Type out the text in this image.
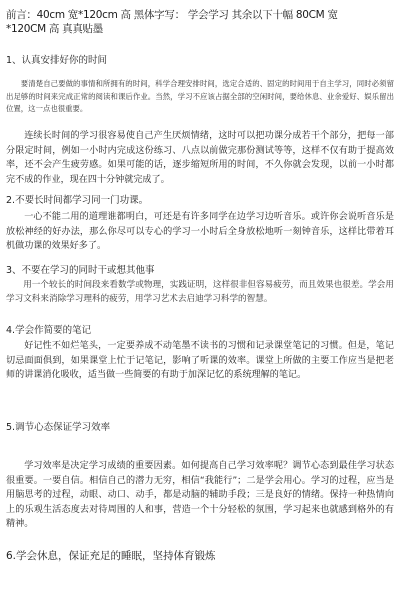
前言：40cm 宽*120cm 高 黑体字写： 学会学习 其余以下十幅 80CM 宽
*120CM 高 真真贴墨
1、认真安排好你的时间
要清楚自己要做的事情和所拥有的时间，科学合理安排时间，选定合适的、固定的时间用于自主学习，同时必须留出足够的时间来完成正常的阅读和课后作业。当然，学习不应该占据全部的空闲时间，要给休息、业余爱好、娱乐留出位置，这一点也很重要。
连续长时间的学习很容易使自己产生厌烦情绪，这时可以把功课分成若干个部分，把每一部分限定时间，例如一小时内完成这份练习、八点以前做完那份测试等等，这样不仅有助于提高效率，还不会产生疲劳感。如果可能的话，逐步缩短所用的时间，不久你就会发现，以前一小时都完不成的作业，现在四十分钟就完成了。
2.不要长时间都学习同一门功课。
一心不能二用的道理谁都明白，可还是有许多同学在边学习边听音乐。或许你会说听音乐是放松神经的好办法，那么你尽可以专心的学习一小时后全身放松地听一刻钟音乐，这样比带着耳机做功课的效果好多了。
3、不要在学习的同时干或想其他事
用一个较长的时间段来看数学或物理，实践证明，这样很非但容易疲劳，而且效果也很差。学会用学习文科来消除学习理科的疲劳，用学习艺术去启迪学习科学的智慧。
4.学会作简要的笔记
好记性不如烂笔头，一定要养成不动笔墨不读书的习惯和记录课堂笔记的习惯。但是，笔记切忌面面俱到，如果课堂上忙于记笔记，影响了听课的效率。课堂上所做的主要工作应当是把老师的讲课消化吸收，适当做一些简要的有助于加深记忆的系统理解的笔记。
5.调节心态保证学习效率
学习效率是决定学习成绩的重要因素。如何提高自己学习效率呢？调节心态到最佳学习状态很重要。一要自信。相信自己的潜力无穷，相信“我能行”；二是学会用心。学习的过程，应当是用脑思考的过程，动眼、动口、动手，都是动脑的辅助手段；三是良好的情绪。保持一种热情向上的乐观生活态度去对待周围的人和事，营造一个十分轻松的氛围，学习起来也就感到格外的有精神。
6.学会休息，保证充足的睡眠，坚持体育锻炼
